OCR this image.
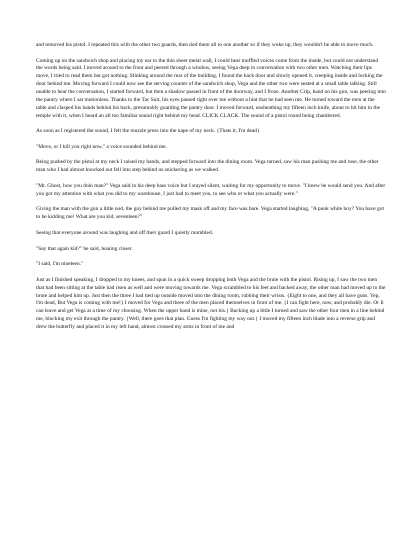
and removed his pistol. I repeated this with the other two guards, then tied them all to one another so if they woke up, they wouldn't be able to move much.

Coming up on the sandwich shop and placing my ear to the thin sheet metal wall, I could hear muffled voices come from the inside, but could not understand the words being said. I moved around to the front and peered through a window, seeing Vega deep in conversation with two other men. Watching their lips move, I tried to read them but got nothing. Slinking around the rear of the building, I found the back door and slowly opened it, creeping inside and locking the door behind me. Moving forward I could now see the serving counter of the sandwich shop, Vega and the other two were seated at a small table talking. Still unable to hear the conversation, I started forward, but then a shadow passed in front of the doorway, and I froze. Another Crip, hand on his gun, was peering into the pantry where I sat motionless. Thanks to the Tac Suit, his eyes passed right over me without a hint that he had seen me. He turned toward the men at the table and clasped his hands behind his back, presumably guarding the pantry door. I moved forward, unsheathing my fifteen inch knife, about to hit him in the temple with it, when I heard an all too familiar sound right behind my head. CLICK CLACK. The sound of a pistol round being chambered.

As soon as I registered the sound, I felt the muzzle press into the nape of my neck. {Thats it, I'm dead}

"Move, or I kill you right now," a voice sounded behind me.

Being pushed by the pistol at my neck I raised my hands, and stepped forward into the dining room. Vega turned, saw his man pushing me and rose, the other man who I had almost knocked out fell into step behind us snickering as we walked.

"Mr. Ghost, how you doin man?" Vega said in his deep bass voice but I stayed silent, waiting for my opportunity to move. "I knew he would send you. And after you got my attention with what you did to my warehouse, I just had to meet you, to see who or what you actually were."

Giving the man with the gun a little nod, the guy behind me pulled my mask off and my face was bare. Vega started laughing, "A punk white boy? You have got to be kidding me! What are you kid, seventeen?"

Seeing that everyone around was laughing and off their guard I quietly mumbled.

"Say that again kid?" he said, leaning closer.

"I said, I'm nineteen."

Just as I finished speaking, I dropped to my knees, and spun in a quick sweep dropping both Vega and the brute with the pistol. Rising up, I saw the two men that had been sitting at the table had risen as well and were moving towards me. Vega scrambled to his feet and backed away, the other man had moved up to the brute and helped him up. Just then the three I had tied up outside moved into the dining room, rubbing their wrists. {Eight to one, and they all have guns. Yep, I'm dead, But Vega is coming with me!} I moved for Vega and three of the men placed themselves in front of me. {I can fight here, now, and probably die. Or Ii can leave and get Vega at a time of my choosing. When the upper hand is mine, not his.} Backing up a little I turned and saw the other four men in a line behind me, blocking my exit through the pantry. {Well, there goes that plan. Guess I'm fighting my way out.} I moved my fifteen inch blade into a reverse grip and drew the butterfly and placed it in my left hand, almost crossed my arms in front of me and
